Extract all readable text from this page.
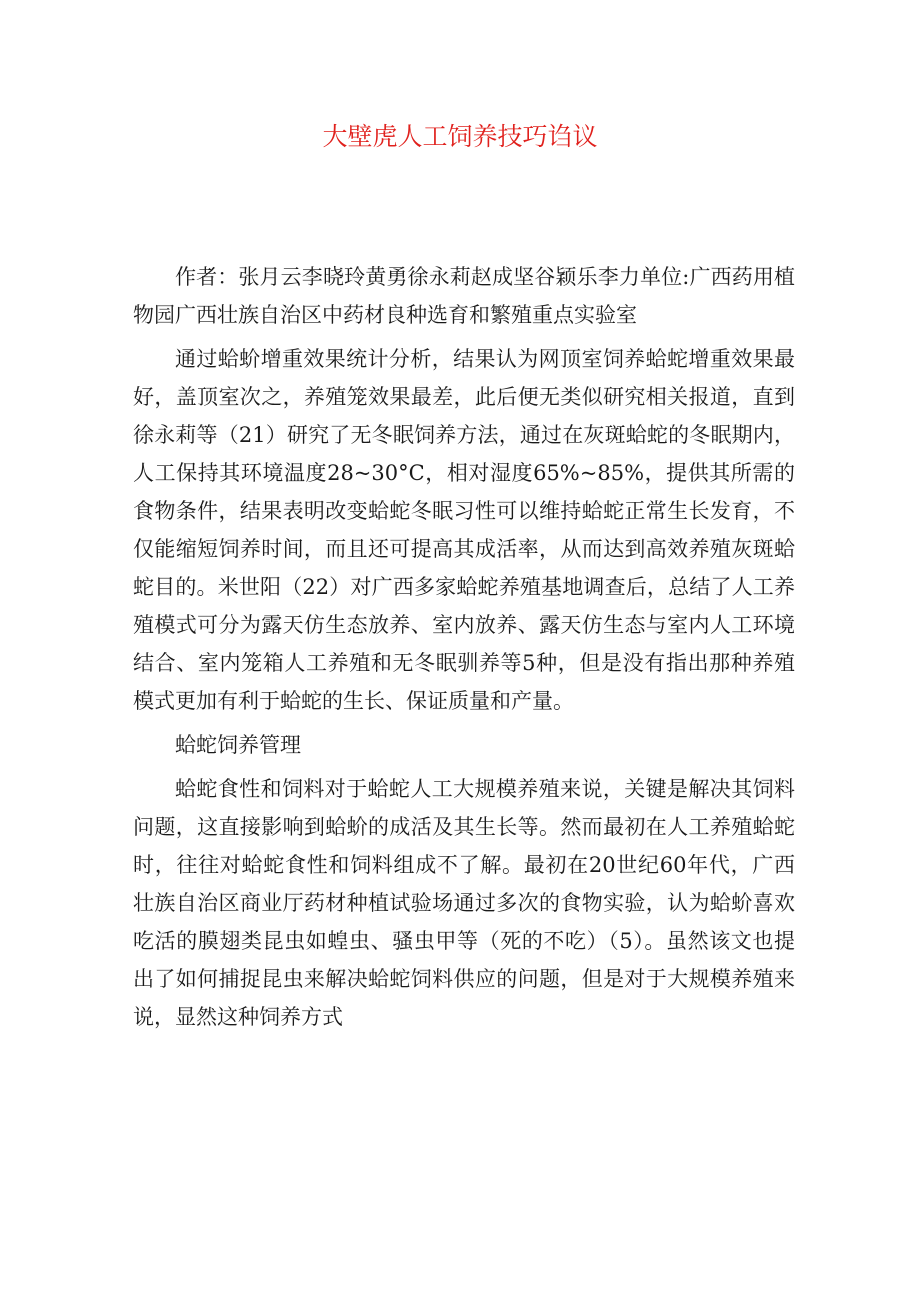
大壁虎人工饲养技巧诌议

作者：张月云李晓玲黄勇徐永莉赵成坚谷颖乐李力单位:广西药用植物园广西壮族自治区中药材良种选育和繁殖重点实验室

通过蛤蚧增重效果统计分析，结果认为网顶室饲养蛤蛇增重效果最好，盖顶室次之，养殖笼效果最差，此后便无类似研究相关报道，直到徐永莉等（21）研究了无冬眠饲养方法，通过在灰斑蛤蛇的冬眠期内，人工保持其环境温度28~30°C，相对湿度65%~85%，提供其所需的食物条件，结果表明改变蛤蛇冬眠习性可以维持蛤蛇正常生长发育，不仅能缩短饲养时间，而且还可提高其成活率，从而达到高效养殖灰斑蛤蛇目的。米世阳（22）对广西多家蛤蛇养殖基地调查后，总结了人工养殖模式可分为露天仿生态放养、室内放养、露天仿生态与室内人工环境结合、室内笼箱人工养殖和无冬眠驯养等5种，但是没有指出那种养殖模式更加有利于蛤蛇的生长、保证质量和产量。

蛤蛇饲养管理

蛤蛇食性和饲料对于蛤蛇人工大规模养殖来说，关键是解决其饲料问题，这直接影响到蛤蚧的成活及其生长等。然而最初在人工养殖蛤蛇时，往往对蛤蛇食性和饲料组成不了解。最初在20世纪60年代，广西壮族自治区商业厅药材种植试验场通过多次的食物实验，认为蛤蚧喜欢吃活的膜翅类昆虫如蝗虫、骚虫甲等（死的不吃）（5）。虽然该文也提出了如何捕捉昆虫来解决蛤蛇饲料供应的问题，但是对于大规模养殖来说，显然这种饲养方式
